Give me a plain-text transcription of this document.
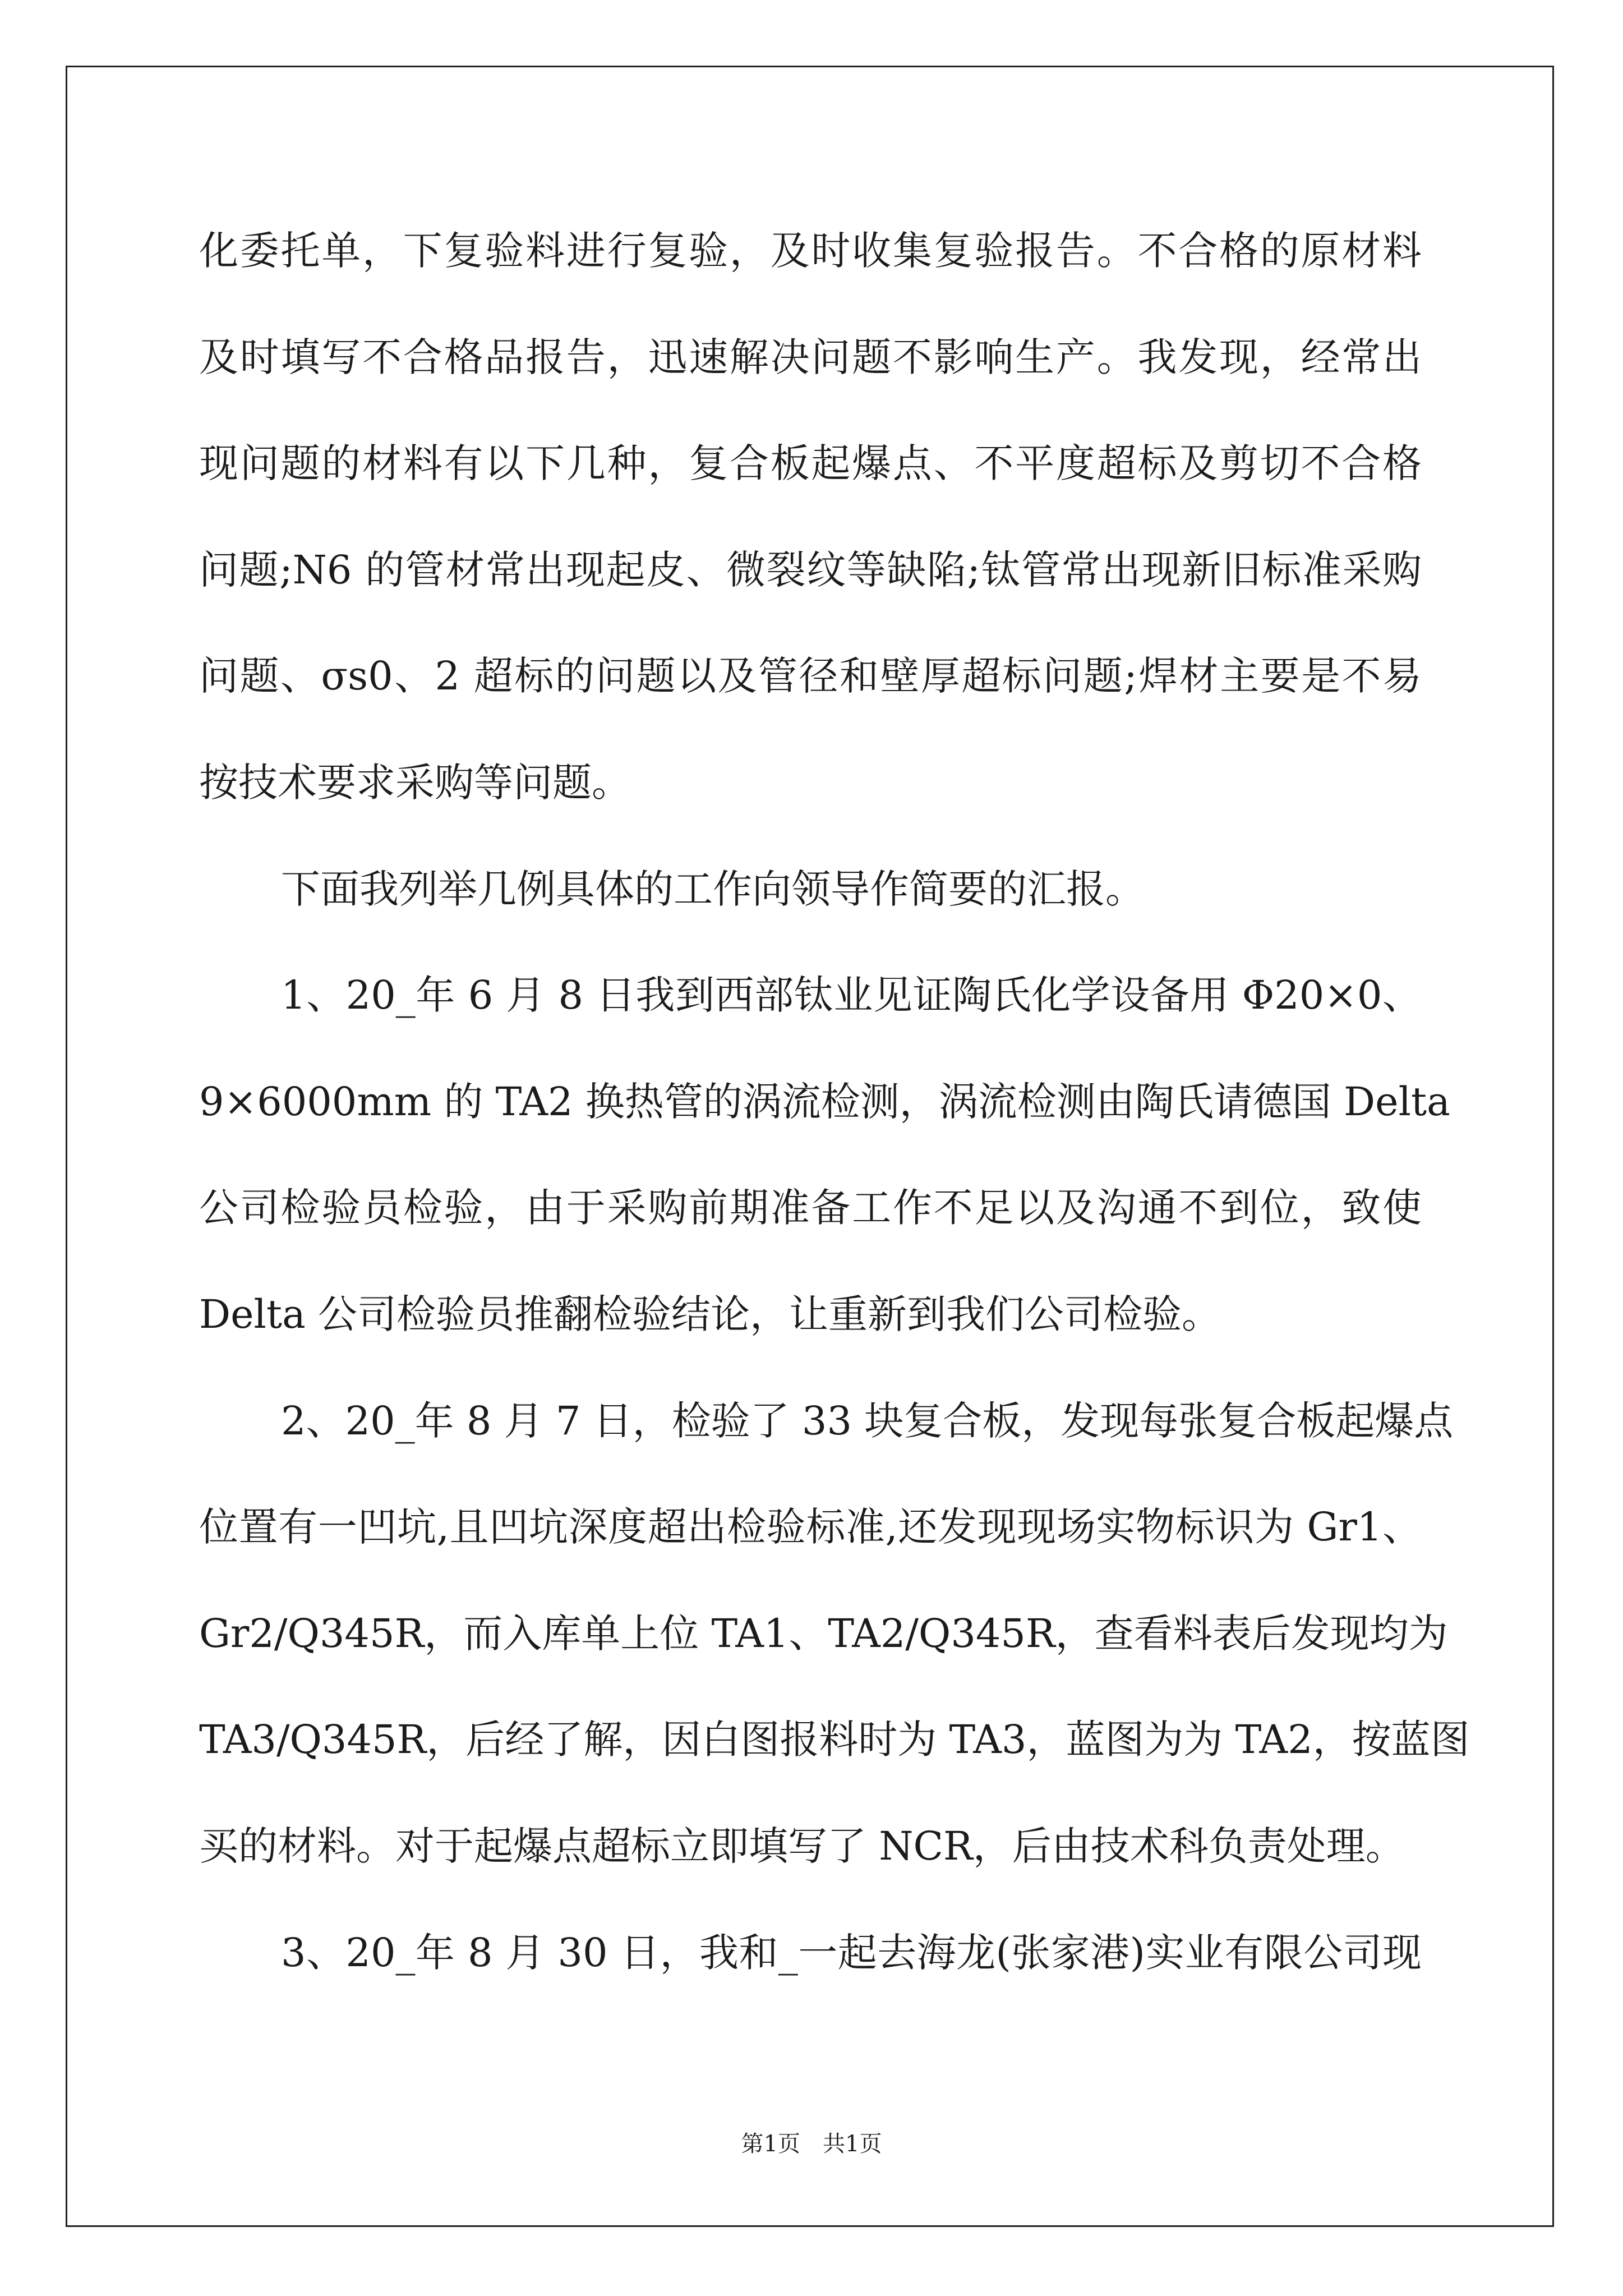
化委托单，下复验料进行复验，及时收集复验报告。不合格的原材料
及时填写不合格品报告，迅速解决问题不影响生产。我发现，经常出
现问题的材料有以下几种，复合板起爆点、不平度超标及剪切不合格
问题;N6 的管材常出现起皮、微裂纹等缺陷;钛管常出现新旧标准采购
问题、σs0、2 超标的问题以及管径和壁厚超标问题;焊材主要是不易
按技术要求采购等问题。
下面我列举几例具体的工作向领导作简要的汇报。
1、20_年 6 月 8 日我到西部钛业见证陶氏化学设备用 Φ20×0、
9×6000mm 的 TA2 换热管的涡流检测，涡流检测由陶氏请德国 Delta
公司检验员检验，由于采购前期准备工作不足以及沟通不到位，致使
Delta 公司检验员推翻检验结论，让重新到我们公司检验。
2、20_年 8 月 7 日，检验了 33 块复合板，发现每张复合板起爆点
位置有一凹坑,且凹坑深度超出检验标准,还发现现场实物标识为 Gr1、
Gr2/Q345R，而入库单上位 TA1、TA2/Q345R，查看料表后发现均为
TA3/Q345R，后经了解，因白图报料时为 TA3，蓝图为为 TA2，按蓝图
买的材料。对于起爆点超标立即填写了 NCR，后由技术科负责处理。
3、20_年 8 月 30 日，我和_一起去海龙(张家港)实业有限公司现
第1页　共1页
